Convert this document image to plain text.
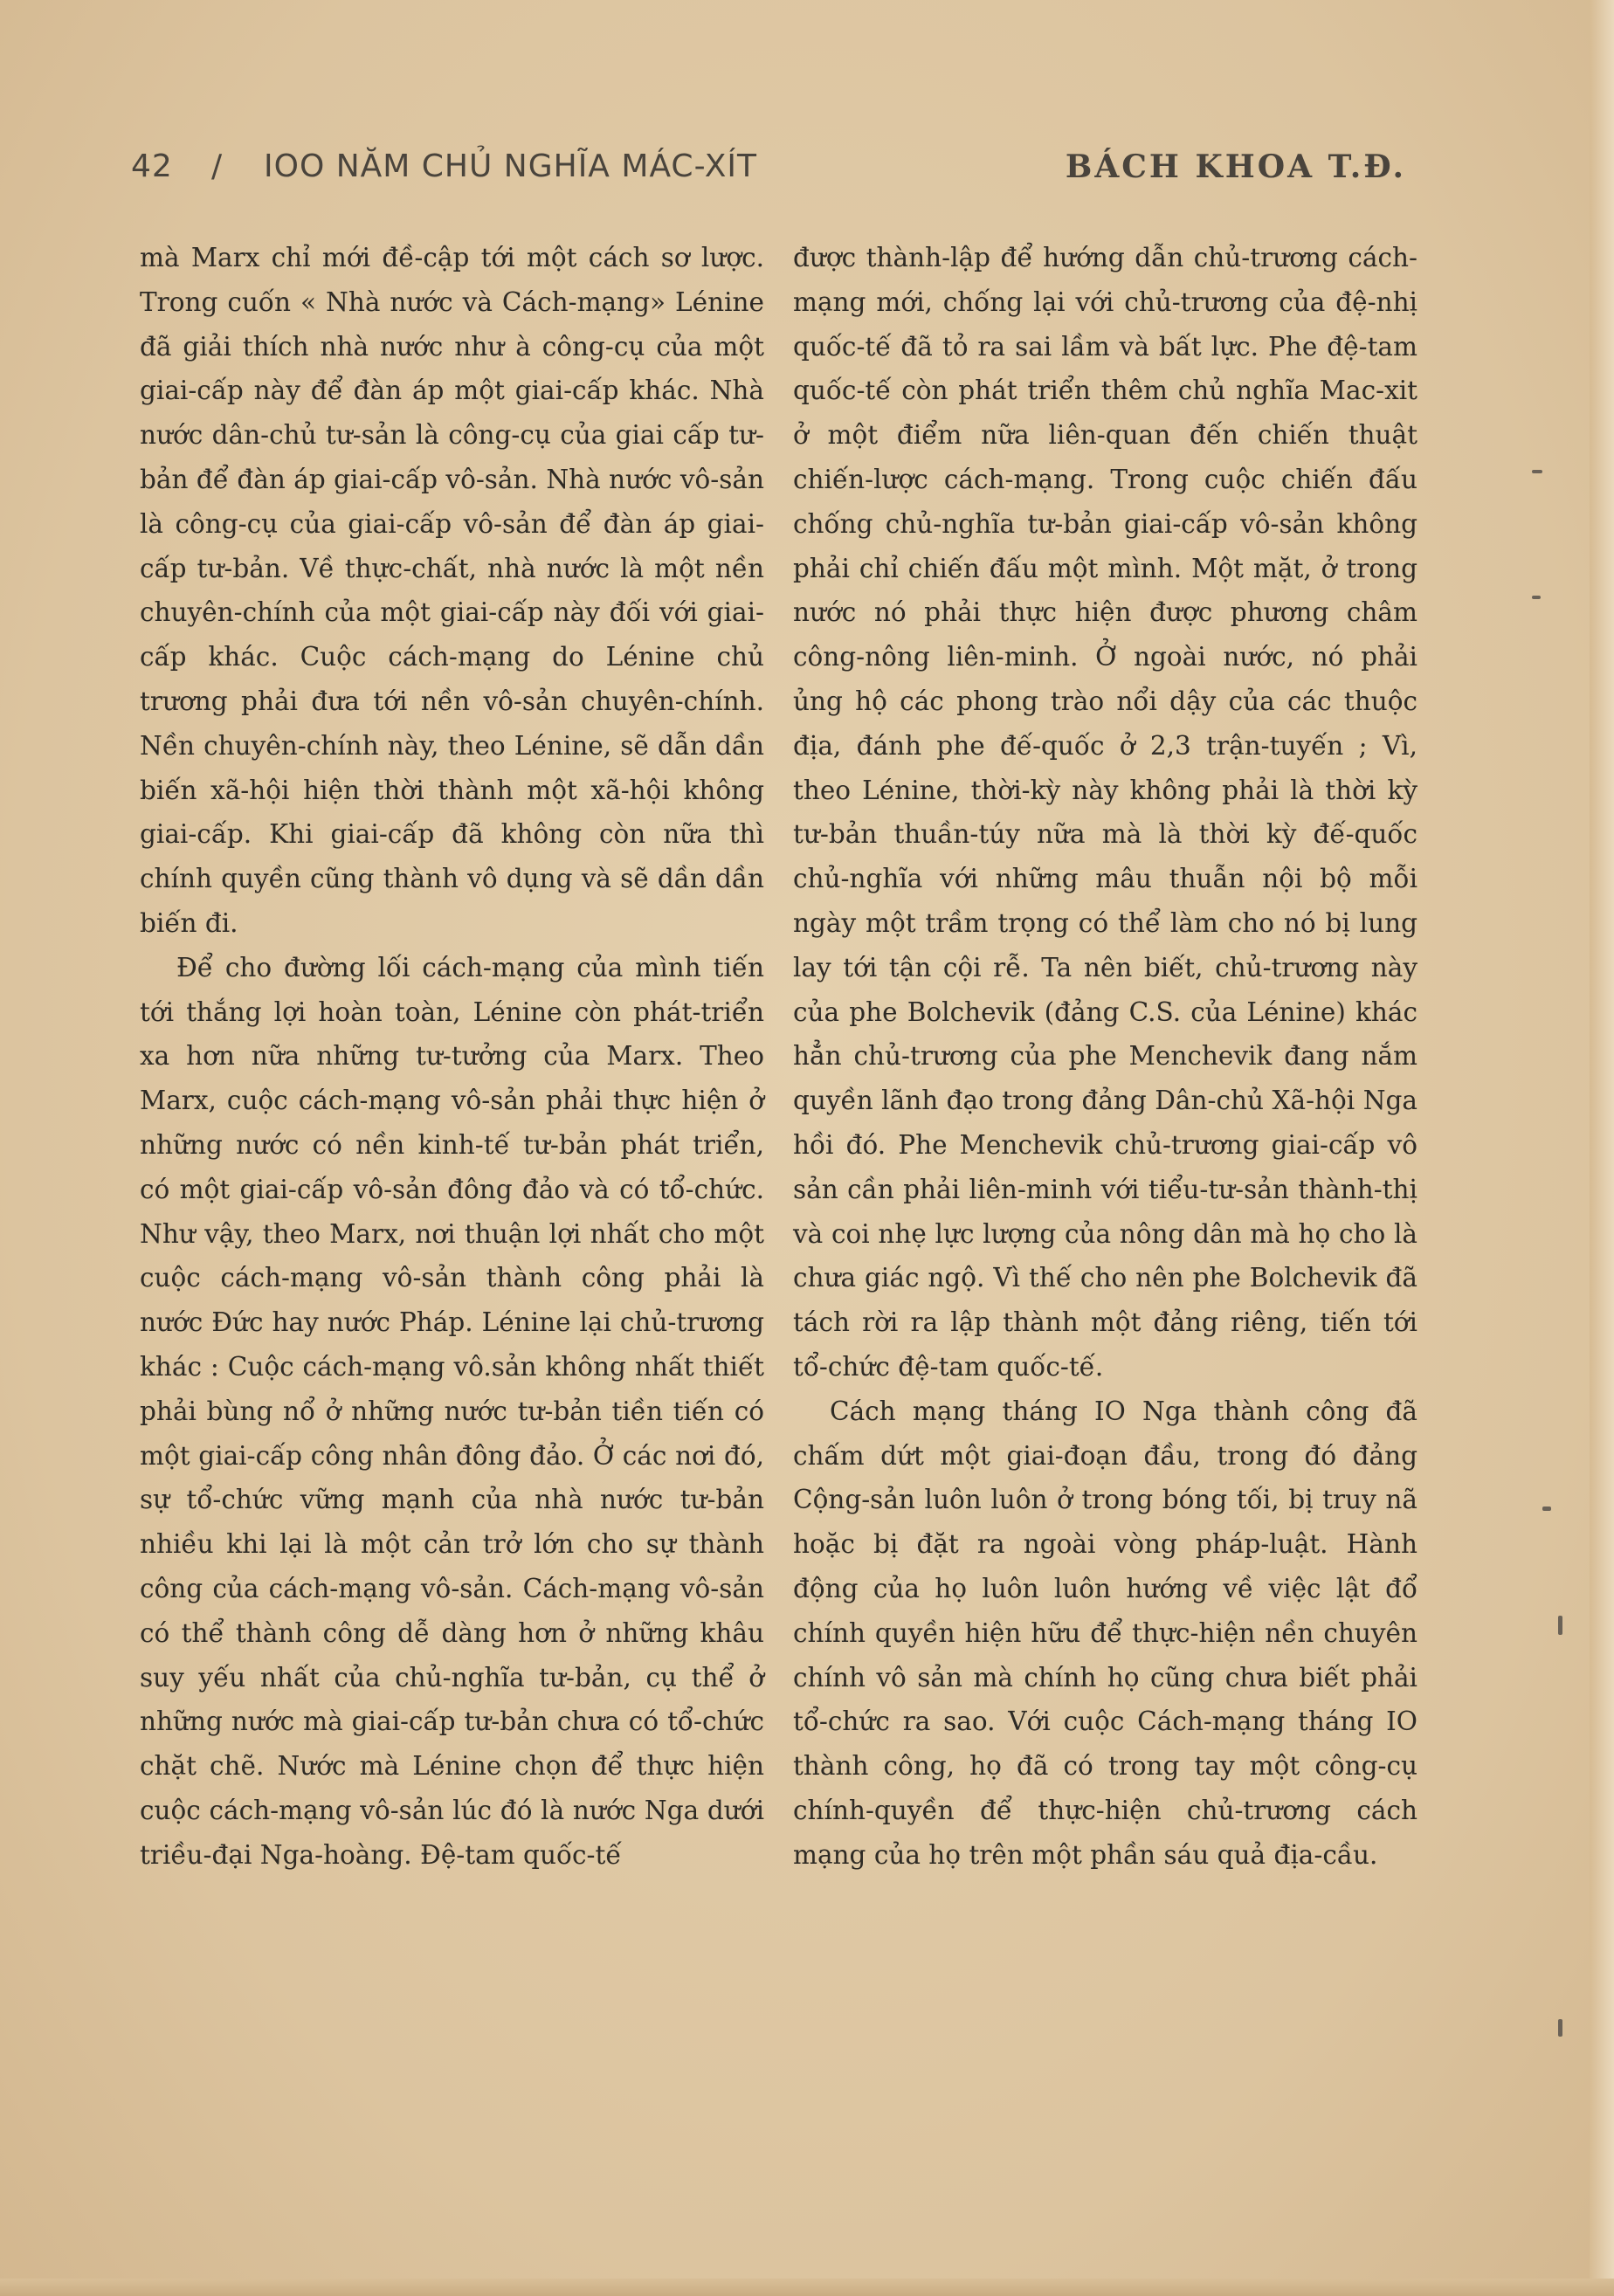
42 / IOO NĂM CHỦ NGHĨA MÁC-XÍT	BÁCH KHOA T.Đ.

mà Marx chỉ mới đề-cập tới một cách sơ lược. Trong cuốn « Nhà nước và Cách-mạng» Lénine đã giải thích nhà nước như à công-cụ của một giai-cấp này để đàn áp một giai-cấp khác. Nhà nước dân-chủ tư-sản là công-cụ của giai cấp tư-bản để đàn áp giai-cấp vô-sản. Nhà nước vô-sản là công-cụ của giai-cấp vô-sản để đàn áp giai-cấp tư-bản. Về thực-chất, nhà nước là một nền chuyên-chính của một giai-cấp này đối với giai-cấp khác. Cuộc cách-mạng do Lénine chủ trương phải đưa tới nền vô-sản chuyên-chính. Nền chuyên-chính này, theo Lénine, sẽ dẫn dần biến xã-hội hiện thời thành một xã-hội không giai-cấp. Khi giai-cấp đã không còn nữa thì chính quyền cũng thành vô dụng và sẽ dần dần biến đi.

Để cho đường lối cách-mạng của mình tiến tới thắng lợi hoàn toàn, Lénine còn phát-triển xa hơn nữa những tư-tưởng của Marx. Theo Marx, cuộc cách-mạng vô-sản phải thực hiện ở những nước có nền kinh-tế tư-bản phát triển, có một giai-cấp vô-sản đông đảo và có tổ-chức. Như vậy, theo Marx, nơi thuận lợi nhất cho một cuộc cách-mạng vô-sản thành công phải là nước Đức hay nước Pháp. Lénine lại chủ-trương khác : Cuộc cách-mạng vô.sản không nhất thiết phải bùng nổ ở những nước tư-bản tiền tiến có một giai-cấp công nhân đông đảo. Ở các nơi đó, sự tổ-chức vững mạnh của nhà nước tư-bản nhiều khi lại là một cản trở lớn cho sự thành công của cách-mạng vô-sản. Cách-mạng vô-sản có thể thành công dễ dàng hơn ở những khâu suy yếu nhất của chủ-nghĩa tư-bản, cụ thể ở những nước mà giai-cấp tư-bản chưa có tổ-chức chặt chẽ. Nước mà Lénine chọn để thực hiện cuộc cách-mạng vô-sản lúc đó là nước Nga dưới triều-đại Nga-hoàng. Đệ-tam quốc-tế

được thành-lập để hướng dẫn chủ-trương cách-mạng mới, chống lại với chủ-trương của đệ-nhị quốc-tế đã tỏ ra sai lầm và bất lực. Phe đệ-tam quốc-tế còn phát triển thêm chủ nghĩa Mac-xit ở một điểm nữa liên-quan đến chiến thuật chiến-lược cách-mạng. Trong cuộc chiến đấu chống chủ-nghĩa tư-bản giai-cấp vô-sản không phải chỉ chiến đấu một mình. Một mặt, ở trong nước nó phải thực hiện được phương châm công-nông liên-minh. Ở ngoài nước, nó phải ủng hộ các phong trào nổi dậy của các thuộc địa, đánh phe đế-quốc ở 2,3 trận-tuyến ; Vì, theo Lénine, thời-kỳ này không phải là thời kỳ tư-bản thuần-túy nữa mà là thời kỳ đế-quốc chủ-nghĩa với những mâu thuẫn nội bộ mỗi ngày một trầm trọng có thể làm cho nó bị lung lay tới tận cội rễ. Ta nên biết, chủ-trương này của phe Bolchevik (đảng C.S. của Lénine) khác hẳn chủ-trương của phe Menchevik đang nắm quyền lãnh đạo trong đảng Dân-chủ Xã-hội Nga hồi đó. Phe Menchevik chủ-trương giai-cấp vô sản cần phải liên-minh với tiểu-tư-sản thành-thị và coi nhẹ lực lượng của nông dân mà họ cho là chưa giác ngộ. Vì thế cho nên phe Bolchevik đã tách rời ra lập thành một đảng riêng, tiến tới tổ-chức đệ-tam quốc-tế.

Cách mạng tháng IO Nga thành công đã chấm dứt một giai-đoạn đầu, trong đó đảng Cộng-sản luôn luôn ở trong bóng tối, bị truy nã hoặc bị đặt ra ngoài vòng pháp-luật. Hành động của họ luôn luôn hướng về việc lật đổ chính quyền hiện hữu để thực-hiện nền chuyên chính vô sản mà chính họ cũng chưa biết phải tổ-chức ra sao. Với cuộc Cách-mạng tháng IO thành công, họ đã có trong tay một công-cụ chính-quyền để thực-hiện chủ-trương cách mạng của họ trên một phần sáu quả địa-cầu.
